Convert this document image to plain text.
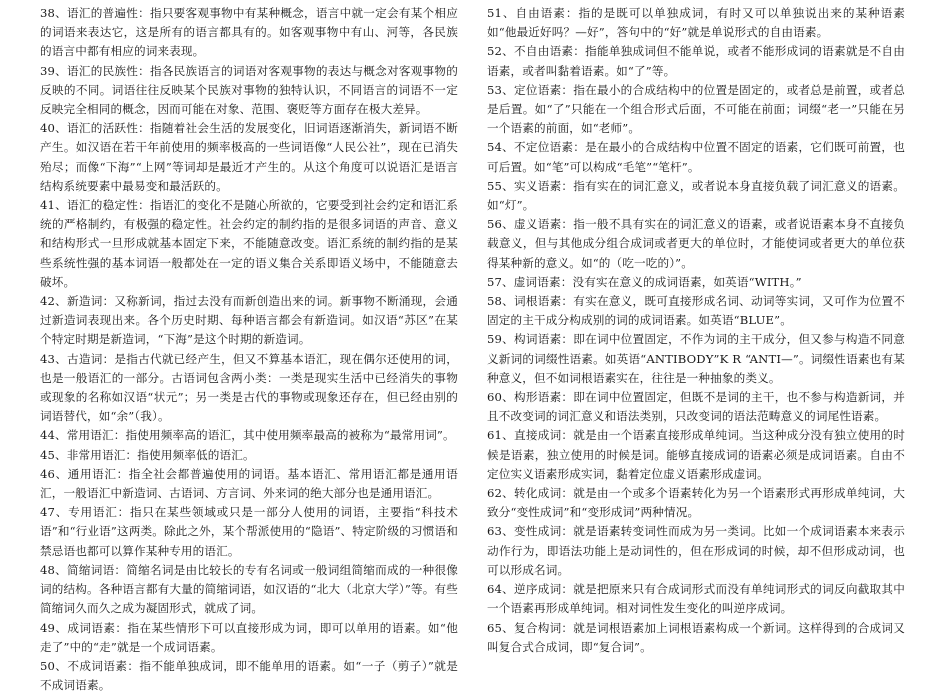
38、语汇的普遍性：指只要客观事物中有某种概念，语言中就一定会有某个相应的词语来表达它，这是所有的语言都具有的。如客观事物中有山、河等，各民族的语言中都有相应的词来表现。

39、语汇的民族性：指各民族语言的词语对客观事物的表达与概念对客观事物的反映的不同。词语往往反映某个民族对事物的独特认识，不同语言的词语不一定反映完全相同的概念，因而可能在对象、范围、褒贬等方面存在极大差异。

40、语汇的活跃性：指随着社会生活的发展变化，旧词语逐渐消失，新词语不断产生。如汉语在若干年前使用的频率极高的一些词语像“人民公社”，现在已消失殆尽；而像“下海”“上网”等词却是最近才产生的。从这个角度可以说语汇是语言结构系统要素中最易变和最活跃的。

41、语汇的稳定性：指语汇的变化不是随心所欲的，它要受到社会约定和语汇系统的严格制约，有极强的稳定性。社会约定的制约指的是很多词语的声音、意义和结构形式一旦形成就基本固定下来，不能随意改变。语汇系统的制约指的是某些系统性强的基本词语一般都处在一定的语义集合关系即语义场中，不能随意去破坏。

42、新造词：又称新词，指过去没有而新创造出来的词。新事物不断涌现，会通过新造词表现出来。各个历史时期、每种语言都会有新造词。如汉语“苏区”在某个特定时期是新造词，“下海”是这个时期的新造词。

43、古造词：是指古代就已经产生，但又不算基本语汇，现在偶尔还使用的词，也是一般语汇的一部分。古语词包含两小类：一类是现实生活中已经消失的事物或现象的名称如汉语“状元”；另一类是古代的事物或现象还存在，但已经由别的词语替代，如“余”（我）。

44、常用语汇：指使用频率高的语汇，其中使用频率最高的被称为“最常用词”。

45、非常用语汇：指使用频率低的语汇。

46、通用语汇：指全社会都普遍使用的词语。基本语汇、常用语汇都是通用语汇，一般语汇中新造词、古语词、方言词、外来词的绝大部分也是通用语汇。

47、专用语汇：指只在某些领域或只是一部分人使用的词语，主要指“科技术语”和“行业语”这两类。除此之外，某个帮派使用的“隐语”、特定阶级的习惯语和禁忌语也都可以算作某种专用的语汇。

48、简缩词语：简缩名词是由比较长的专有名词或一般词组简缩而成的一种很像词的结构。各种语言都有大量的简缩词语，如汉语的“北大（北京大学）”等。有些简缩词久而久之成为凝固形式，就成了词。

49、成词语素：指在某些情形下可以直接形成为词，即可以单用的语素。如“他走了”中的“走”就是一个成词语素。

50、不成词语素：指不能单独成词，即不能单用的语素。如“一子（剪子）”就是不成词语素。

51、自由语素：指的是既可以单独成词，有时又可以单独说出来的某种语素如“他最近好吗？—好”，答句中的“好”就是单说形式的自由语素。

52、不自由语素：指能单独成词但不能单说，或者不能形成词的语素就是不自由语素，或者叫黏着语素。如“了”等。

53、定位语素：指在最小的合成结构中的位置是固定的，或者总是前置，或者总是后置。如“了”只能在一个组合形式后面，不可能在前面；词缀“老一”只能在另一个语素的前面，如“老师”。

54、不定位语素：是在最小的合成结构中位置不固定的语素，它们既可前置，也可后置。如“笔”可以构成“毛笔”“笔杆”。

55、实义语素：指有实在的词汇意义，或者说本身直接负载了词汇意义的语素。如“灯”。

56、虚义语素：指一般不具有实在的词汇意义的语素，或者说语素本身不直接负载意义，但与其他成分组合成词或者更大的单位时，才能使词或者更大的单位获得某种新的意义。如“的（吃一吃的）”。

57、虚词语素：没有实在意义的成词语素，如英语“WITH。”

58、词根语素：有实在意义，既可直接形成名词、动词等实词，又可作为位置不固定的主干成分构成别的词的成词语素。如英语“BLUE”。

59、构词语素：即在词中位置固定，不作为词的主干成分，但又参与构造不同意义新词的词缀性语素。如英语“ANTIBODY”K R “ANTI—”。词缀性语素也有某种意义，但不如词根语素实在，往往是一种抽象的类义。

60、构形语素：即在词中位置固定，但既不是词的主干，也不参与构造新词，并且不改变词的词汇意义和语法类别，只改变词的语法范畴意义的词尾性语素。

61、直接成词：就是由一个语素直接形成单纯词。当这种成分没有独立使用的时候是语素，独立使用的时候是词。能够直接成词的语素必须是成词语素。自由不定位实义语素形成实词，黏着定位虚义语素形成虚词。

62、转化成词：就是由一个或多个语素转化为另一个语素形式再形成单纯词，大致分“变性成词”和“变形成词”两种情况。

63、变性成词：就是语素转变词性而成为另一类词。比如一个成词语素本来表示动作行为，即语法功能上是动词性的，但在形成词的时候，却不但形成动词，也可以形成名词。

64、逆序成词：就是把原来只有合成词形式而没有单纯词形式的词反向截取其中一个语素再形成单纯词。相对词性发生变化的叫逆序成词。

65、复合构词：就是词根语素加上词根语素构成一个新词。这样得到的合成词又叫复合式合成词，即“复合词”。
